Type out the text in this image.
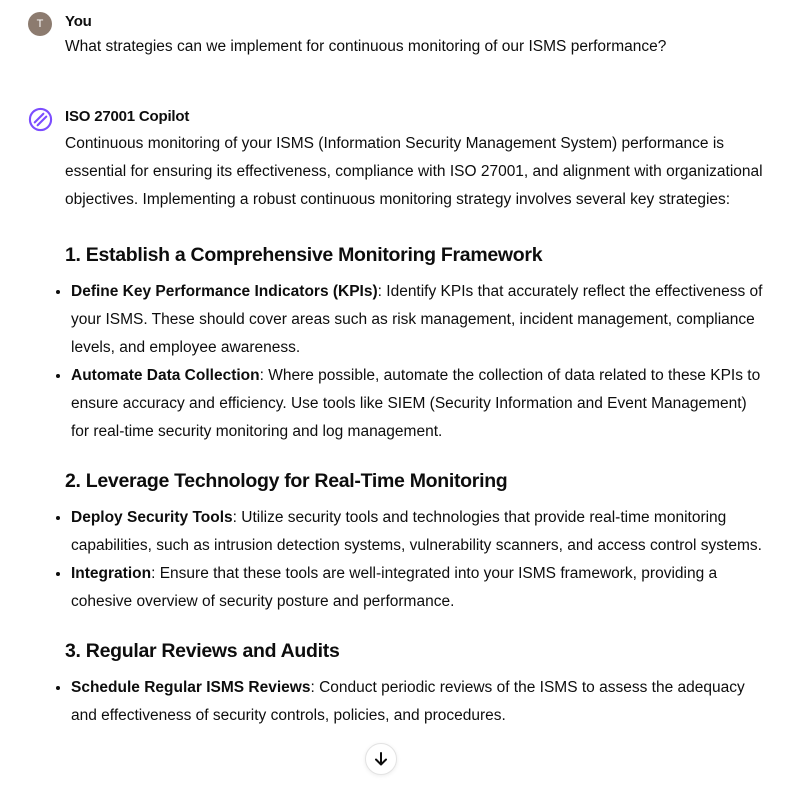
T	You
What strategies can we implement for continuous monitoring of our ISMS performance?
ISO 27001 Copilot

Continuous monitoring of your ISMS (Information Security Management System) performance is essential for ensuring its effectiveness, compliance with ISO 27001, and alignment with organizational objectives. Implementing a robust continuous monitoring strategy involves several key strategies:

1. Establish a Comprehensive Monitoring Framework
Define Key Performance Indicators (KPIs): Identify KPIs that accurately reflect the effectiveness of your ISMS. These should cover areas such as risk management, incident management, compliance levels, and employee awareness.
Automate Data Collection: Where possible, automate the collection of data related to these KPIs to ensure accuracy and efficiency. Use tools like SIEM (Security Information and Event Management) for real-time security monitoring and log management.
2. Leverage Technology for Real-Time Monitoring
Deploy Security Tools: Utilize security tools and technologies that provide real-time monitoring capabilities, such as intrusion detection systems, vulnerability scanners, and access control systems.
Integration: Ensure that these tools are well-integrated into your ISMS framework, providing a cohesive overview of security posture and performance.
3. Regular Reviews and Audits
Schedule Regular ISMS Reviews: Conduct periodic reviews of the ISMS to assess the adequacy and effectiveness of security controls, policies, and procedures.
